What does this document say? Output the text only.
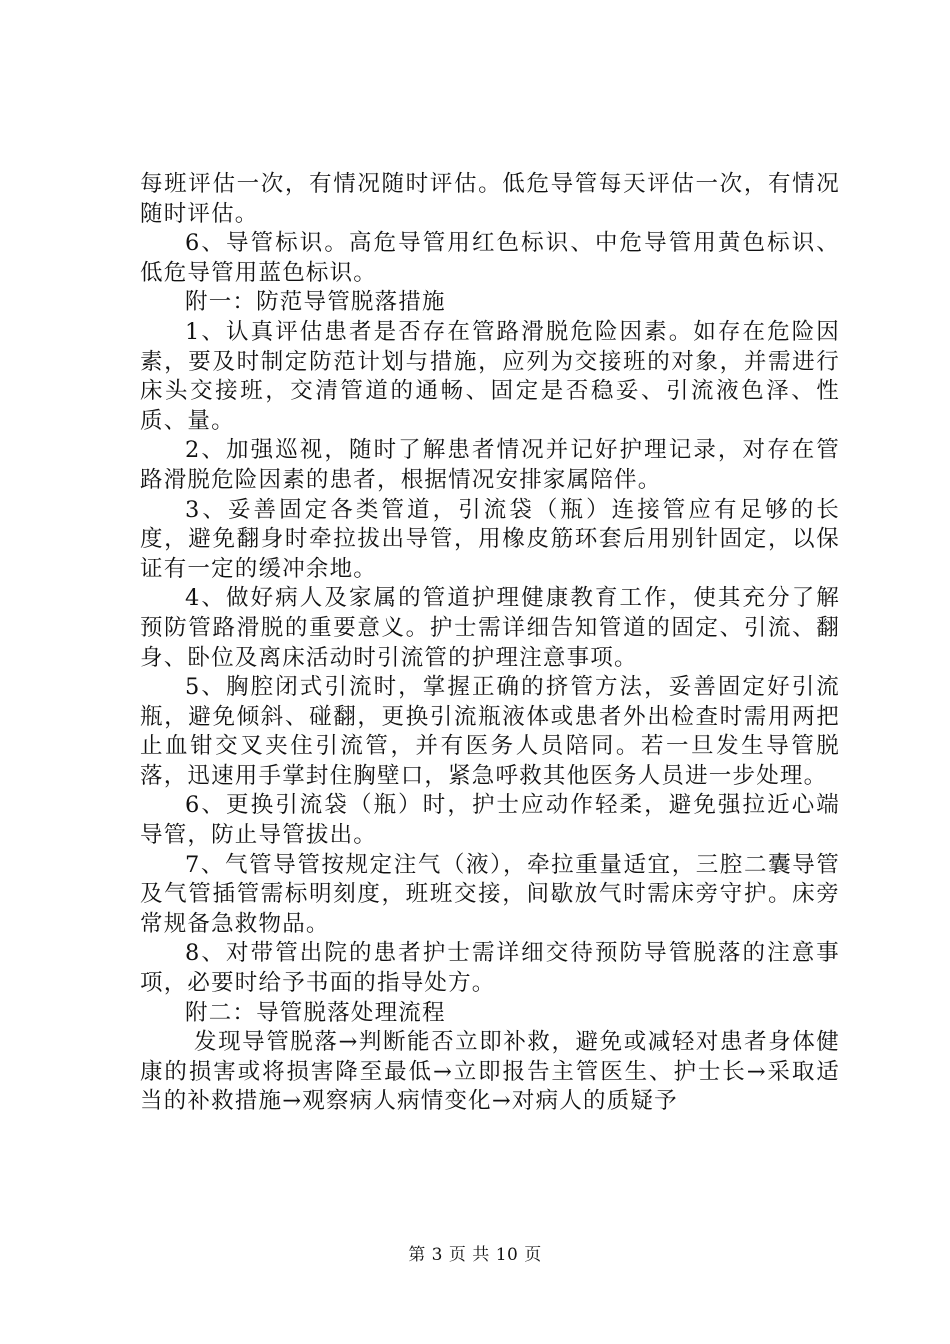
每班评估一次，有情况随时评估。低危导管每天评估一次，有情况随时评估。

6、导管标识。高危导管用红色标识、中危导管用黄色标识、低危导管用蓝色标识。

附一：防范导管脱落措施

1、认真评估患者是否存在管路滑脱危险因素。如存在危险因素，要及时制定防范计划与措施，应列为交接班的对象，并需进行床头交接班，交清管道的通畅、固定是否稳妥、引流液色泽、性质、量。

2、加强巡视，随时了解患者情况并记好护理记录，对存在管路滑脱危险因素的患者，根据情况安排家属陪伴。

3、妥善固定各类管道，引流袋（瓶）连接管应有足够的长度，避免翻身时牵拉拔出导管，用橡皮筋环套后用别针固定，以保证有一定的缓冲余地。

4、做好病人及家属的管道护理健康教育工作，使其充分了解预防管路滑脱的重要意义。护士需详细告知管道的固定、引流、翻身、卧位及离床活动时引流管的护理注意事项。

5、胸腔闭式引流时，掌握正确的挤管方法，妥善固定好引流瓶，避免倾斜、碰翻，更换引流瓶液体或患者外出检查时需用两把止血钳交叉夹住引流管，并有医务人员陪同。若一旦发生导管脱落，迅速用手掌封住胸壁口，紧急呼救其他医务人员进一步处理。

6、更换引流袋（瓶）时，护士应动作轻柔，避免强拉近心端导管，防止导管拔出。

7、气管导管按规定注气（液），牵拉重量适宜，三腔二囊导管及气管插管需标明刻度，班班交接，间歇放气时需床旁守护。床旁常规备急救物品。

8、对带管出院的患者护士需详细交待预防导管脱落的注意事项，必要时给予书面的指导处方。

附二：导管脱落处理流程

发现导管脱落→判断能否立即补救，避免或减轻对患者身体健康的损害或将损害降至最低→立即报告主管医生、护士长→采取适当的补救措施→观察病人病情变化→对病人的质疑予

第 3 页 共 10 页
